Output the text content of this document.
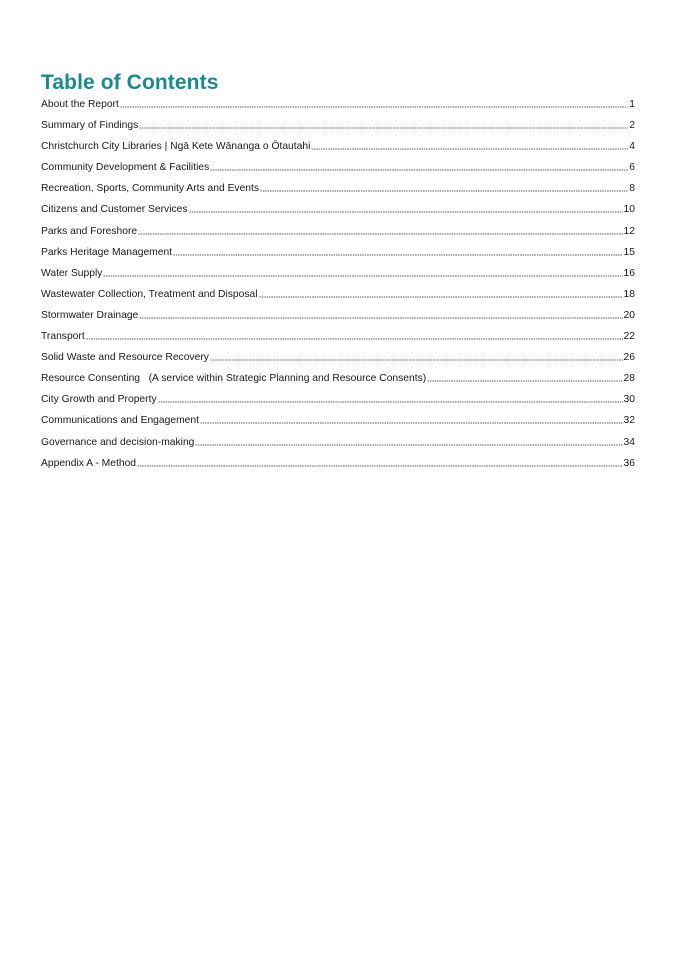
Table of Contents
About the Report	1
Summary of Findings	2
Christchurch City Libraries | Ngā Kete Wānanga o Ōtautahi	4
Community Development & Facilities	6
Recreation, Sports, Community Arts and Events	8
Citizens and Customer Services	10
Parks and Foreshore	12
Parks Heritage Management	15
Water Supply	16
Wastewater Collection, Treatment and Disposal	18
Stormwater Drainage	20
Transport	22
Solid Waste and Resource Recovery	26
Resource Consenting   (A service within Strategic Planning and Resource Consents)	28
City Growth and Property	30
Communications and Engagement	32
Governance and decision-making	34
Appendix A - Method	36
